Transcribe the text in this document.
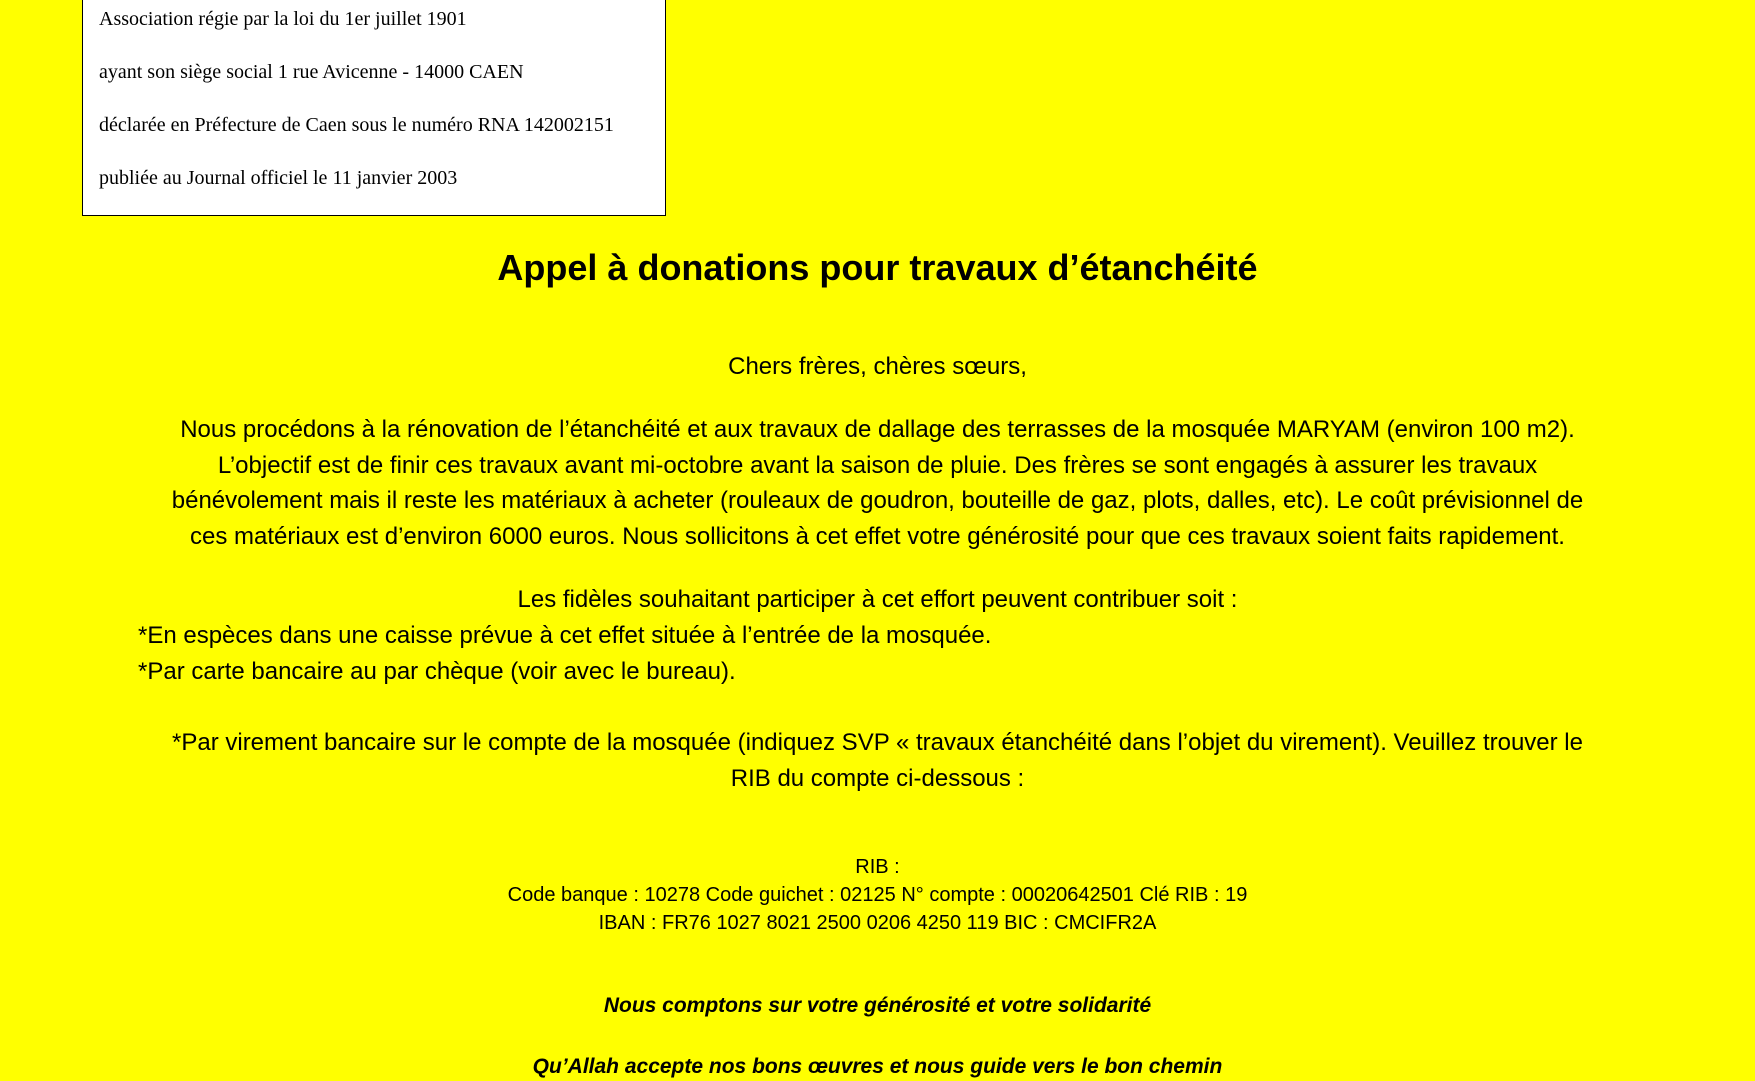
Association régie par la loi du 1er juillet 1901
ayant son siège social 1 rue Avicenne - 14000 CAEN
déclarée en Préfecture de Caen sous le numéro RNA 142002151
publiée au Journal officiel le 11 janvier 2003
Appel à donations pour travaux d’étanchéité
Chers frères, chères sœurs,
Nous procédons à la rénovation de l’étanchéité et aux travaux de dallage des terrasses de la mosquée MARYAM (environ 100 m2).
L’objectif est de finir ces travaux avant mi-octobre avant la saison de pluie. Des frères se sont engagés à assurer les travaux
bénévolement mais il reste les matériaux à acheter (rouleaux de goudron, bouteille de gaz, plots, dalles, etc). Le coût prévisionnel de
ces matériaux est d’environ 6000 euros. Nous sollicitons à cet effet votre générosité pour que ces travaux soient faits rapidement.
Les fidèles souhaitant participer à cet effort peuvent contribuer soit :
*En espèces dans une caisse prévue à cet effet située à l’entrée de la mosquée.
*Par carte bancaire au par chèque (voir avec le bureau).
*Par virement bancaire sur le compte de la mosquée (indiquez SVP « travaux étanchéité dans l’objet du virement). Veuillez trouver le
RIB du compte ci-dessous :
RIB :
Code banque : 10278 Code guichet : 02125 N° compte : 00020642501 Clé RIB : 19
IBAN : FR76 1027 8021 2500 0206 4250 119 BIC : CMCIFR2A
Nous comptons sur votre générosité et votre solidarité
Qu’Allah accepte nos bons œuvres et nous guide vers le bon chemin
